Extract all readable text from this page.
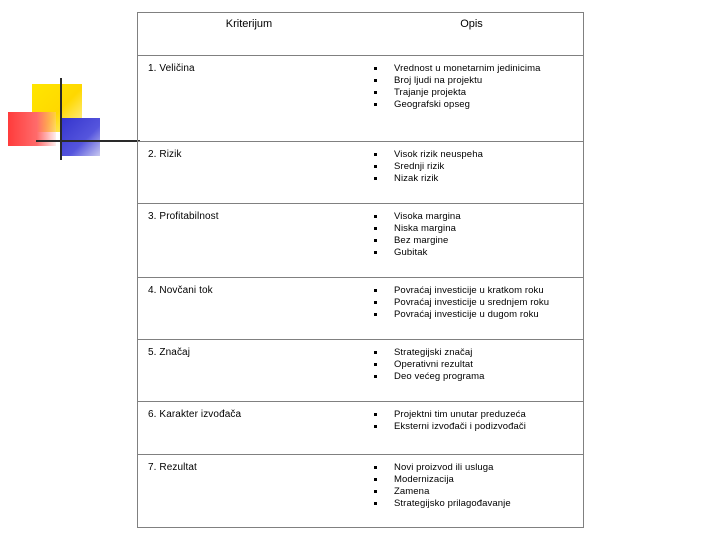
Kriterijum	Opis
1. Veličina	Vrednost u monetarnim jedinicima
Broj ljudi na projektu
Trajanje projekta
Geografski opseg
2. Rizik	Visok rizik neuspeha
Srednji rizik
Nizak rizik
3. Profitabilnost	Visoka margina
Niska margina
Bez margine
Gubitak
4. Novčani tok	Povraćaj investicije u kratkom roku
Povraćaj investicije u srednjem roku
Povraćaj investicije u dugom roku
5. Značaj	Strategijski značaj
Operativni rezultat
Deo većeg programa
6. Karakter izvođača	Projektni tim unutar preduzeća
Eksterni izvođači i podizvođači
7. Rezultat	Novi proizvod ili usluga
Modernizacija
Zamena
Strategijsko prilagođavanje
